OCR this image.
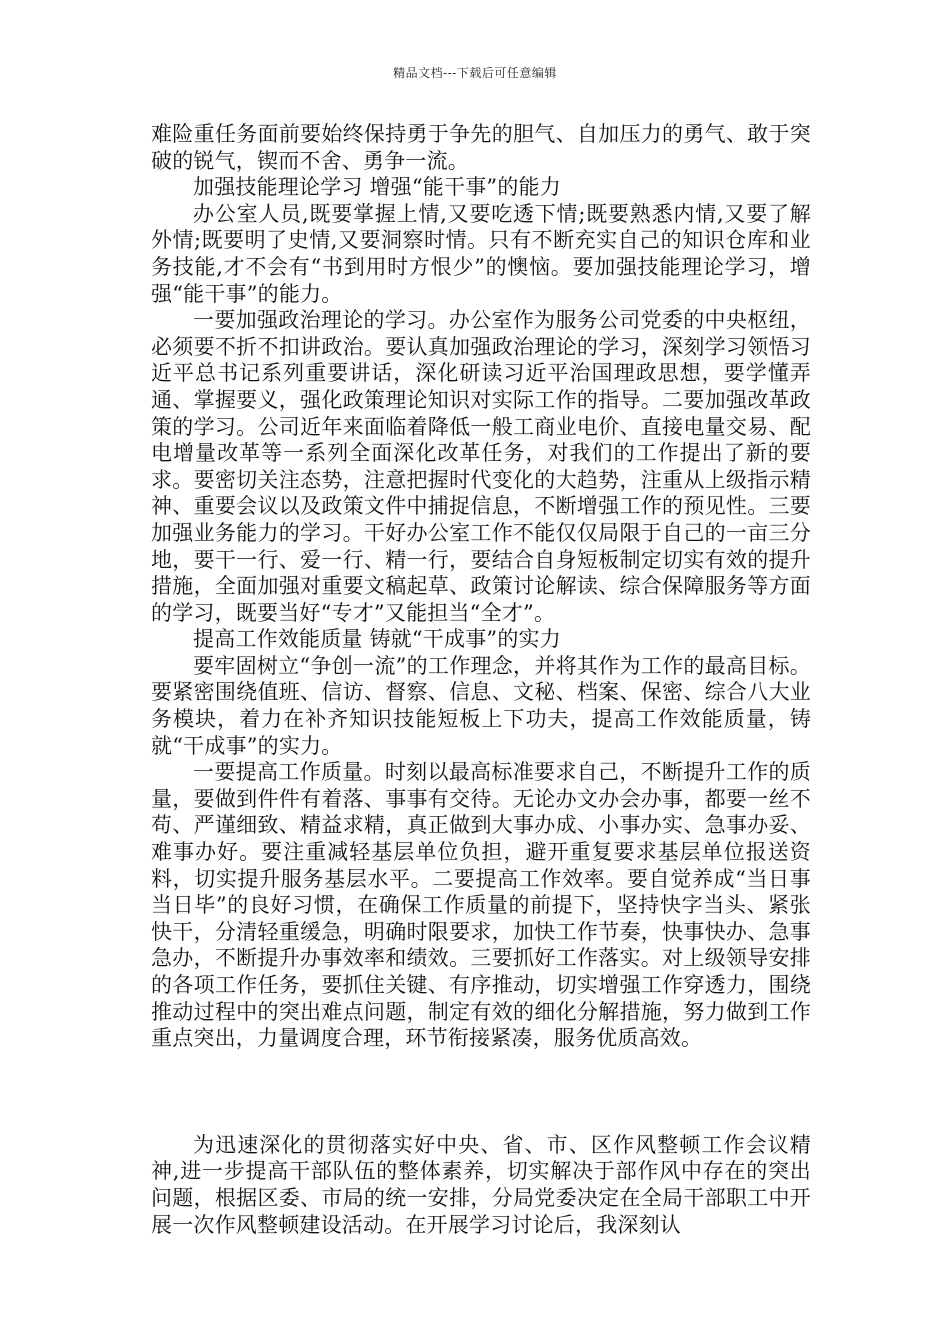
精品文档---下载后可任意编辑

难险重任务面前要始终保持勇于争先的胆气、自加压力的勇气、敢于突破的锐气，锲而不舍、勇争一流。

加强技能理论学习 增强“能干事”的能力

办公室人员,既要掌握上情,又要吃透下情;既要熟悉内情,又要了解外情;既要明了史情,又要洞察时情。只有不断充实自己的知识仓库和业务技能,才不会有“书到用时方恨少”的懊恼。要加强技能理论学习，增强“能干事”的能力。

一要加强政治理论的学习。办公室作为服务公司党委的中央枢纽，必须要不折不扣讲政治。要认真加强政治理论的学习，深刻学习领悟习近平总书记系列重要讲话，深化研读习近平治国理政思想，要学懂弄通、掌握要义，强化政策理论知识对实际工作的指导。二要加强改革政策的学习。公司近年来面临着降低一般工商业电价、直接电量交易、配电增量改革等一系列全面深化改革任务，对我们的工作提出了新的要求。要密切关注态势，注意把握时代变化的大趋势，注重从上级指示精神、重要会议以及政策文件中捕捉信息，不断增强工作的预见性。三要加强业务能力的学习。干好办公室工作不能仅仅局限于自己的一亩三分地，要干一行、爱一行、精一行，要结合自身短板制定切实有效的提升措施，全面加强对重要文稿起草、政策讨论解读、综合保障服务等方面的学习，既要当好“专才”又能担当“全才”。

提高工作效能质量 铸就“干成事”的实力

要牢固树立“争创一流”的工作理念，并将其作为工作的最高目标。要紧密围绕值班、信访、督察、信息、文秘、档案、保密、综合八大业务模块，着力在补齐知识技能短板上下功夫，提高工作效能质量，铸就“干成事”的实力。

一要提高工作质量。时刻以最高标准要求自己，不断提升工作的质量，要做到件件有着落、事事有交待。无论办文办会办事，都要一丝不苟、严谨细致、精益求精，真正做到大事办成、小事办实、急事办妥、难事办好。要注重减轻基层单位负担，避开重复要求基层单位报送资料，切实提升服务基层水平。二要提高工作效率。要自觉养成“当日事当日毕”的良好习惯，在确保工作质量的前提下，坚持快字当头、紧张快干，分清轻重缓急，明确时限要求，加快工作节奏，快事快办、急事急办，不断提升办事效率和绩效。三要抓好工作落实。对上级领导安排的各项工作任务，要抓住关键、有序推动，切实增强工作穿透力，围绕推动过程中的突出难点问题，制定有效的细化分解措施，努力做到工作重点突出，力量调度合理，环节衔接紧凑，服务优质高效。

为迅速深化的贯彻落实好中央、省、市、区作风整顿工作会议精神,进一步提高干部队伍的整体素养，切实解决于部作风中存在的突出问题，根据区委、市局的统一安排，分局党委决定在全局干部职工中开展一次作风整顿建设活动。在开展学习讨论后，我深刻认
